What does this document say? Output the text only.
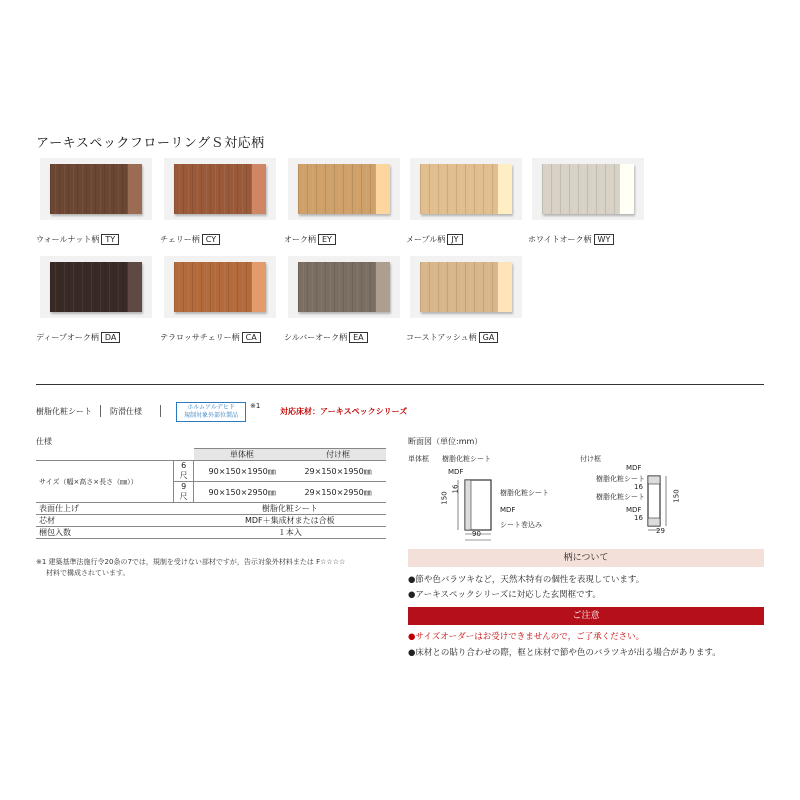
アーキスペックフローリングＳ対応柄
ウォールナット柄 TY	チェリー柄 CY	オーク柄 EY	メープル柄 JY	ホワイトオーク柄 WY
ディープオーク柄 DA	テラロッサチェリー柄 CA	シルバーオーク柄 EA	コーストアッシュ柄 GA
樹脂化粧シート 防滑仕様	ホルムアルデヒド
規制対象外部位製品
※1
対応床材：アーキスペックシリーズ
仕様
		単体框	付け框
サイズ（幅×高さ×長さ（㎜））	6尺	90×150×1950㎜	29×150×1950㎜
	9尺	90×150×2950㎜	29×150×2950㎜
表面仕上げ		樹脂化粧シート	
芯材		MDF＋集成材または合板	
梱包入数		１本入	
※1 建築基準法施行令20条の7では，規制を受けない部材ですが，告示対象外材料または F☆☆☆☆
材料で構成されています。
断面図（単位:mm）
単体框 樹脂化粧シート
MDF
樹脂化粧シート
MDF
シート巻込み
150
16
90
付け框
MDF
樹脂化粧シート
16
樹脂化粧シート
MDF
16
150
29
柄について
●節や色バラツキなど，天然木特有の個性を表現しています。
●アーキスペックシリーズに対応した玄関框です。
ご注意
●サイズオーダーはお受けできませんので，ご了承ください。
●床材との貼り合わせの際，框と床材で節や色のバラツキが出る場合があります。
